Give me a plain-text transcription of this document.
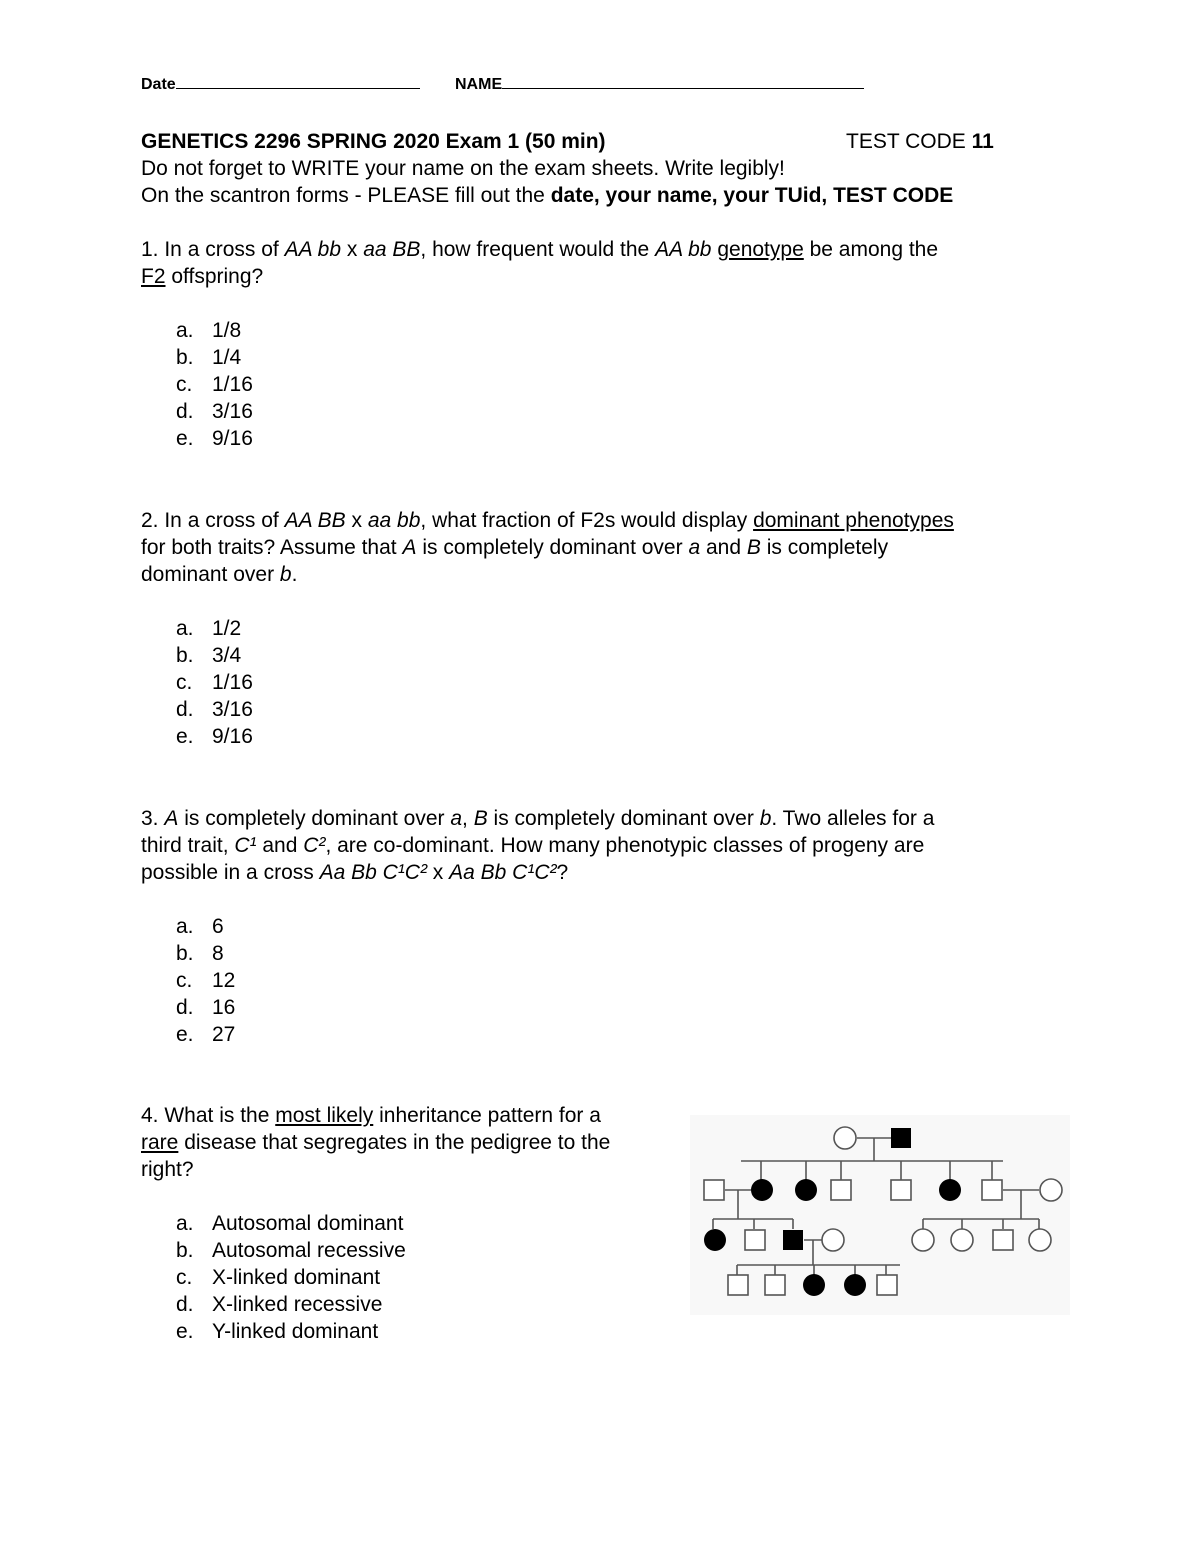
Date	NAME
GENETICS 2296 SPRING 2020 Exam 1 (50 min)	TEST CODE 11
Do not forget to WRITE your name on the exam sheets. Write legibly!
On the scantron forms - PLEASE fill out the date, your name, your TUid, TEST CODE
1. In a cross of AA bb x aa BB, how frequent would the AA bb genotype be among the
F2 offspring?
a. 1/8
b. 1/4
c. 1/16
d. 3/16
e. 9/16
2. In a cross of AA BB x aa bb, what fraction of F2s would display dominant phenotypes
for both traits? Assume that A is completely dominant over a and B is completely
dominant over b.
a. 1/2
b. 3/4
c. 1/16
d. 3/16
e. 9/16
3. A is completely dominant over a, B is completely dominant over b. Two alleles for a
third trait, C¹ and C², are co-dominant. How many phenotypic classes of progeny are
possible in a cross Aa Bb C¹C² x Aa Bb C¹C²?
a. 6
b. 8
c. 12
d. 16
e. 27
4. What is the most likely inheritance pattern for a
rare disease that segregates in the pedigree to the
right?
a. Autosomal dominant
b. Autosomal recessive
c. X-linked dominant
d. X-linked recessive
e. Y-linked dominant
